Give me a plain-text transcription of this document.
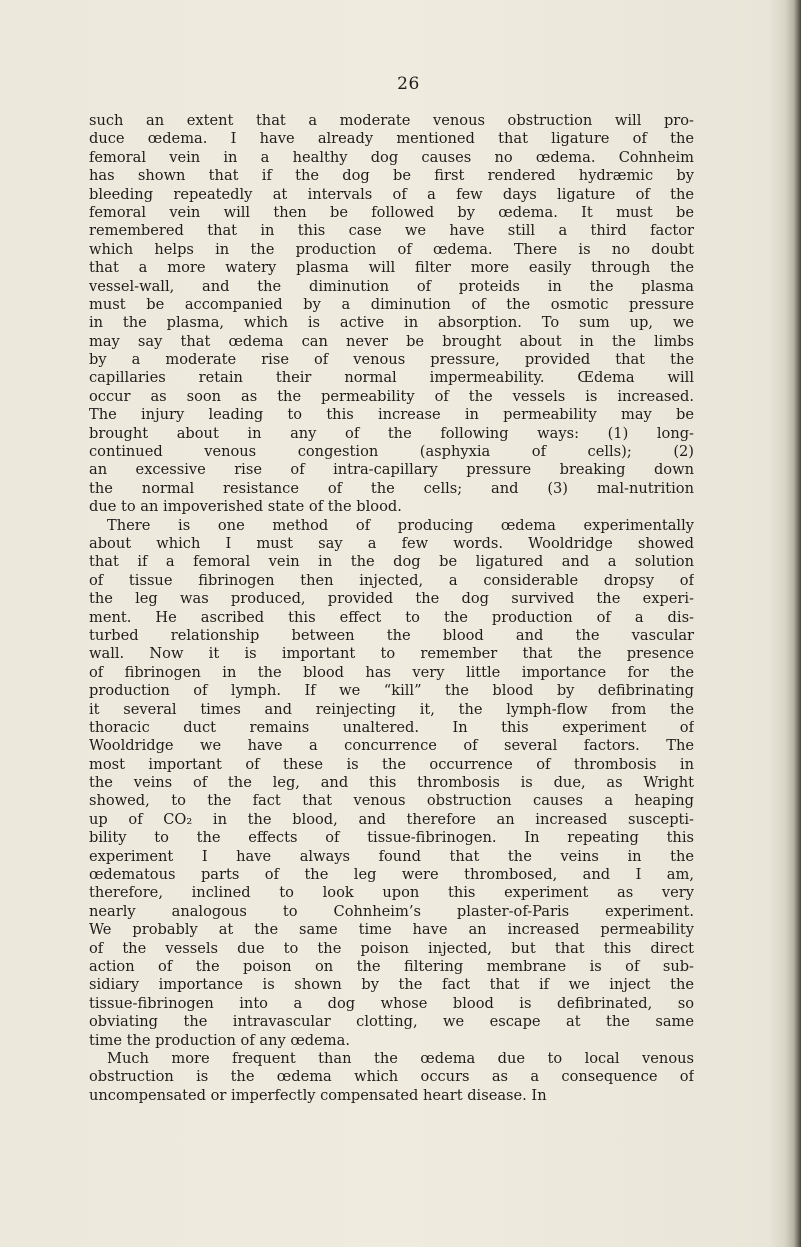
26

such an extent that a moderate venous obstruction will pro-
duce œdema. I have already mentioned that ligature of the
femoral vein in a healthy dog causes no œdema. Cohnheim
has shown that if the dog be first rendered hydræmic by
bleeding repeatedly at intervals of a few days ligature of the
femoral vein will then be followed by œdema. It must be
remembered that in this case we have still a third factor
which helps in the production of œdema. There is no doubt
that a more watery plasma will filter more easily through the
vessel-wall, and the diminution of proteids in the plasma
must be accompanied by a diminution of the osmotic pressure
in the plasma, which is active in absorption. To sum up, we
may say that œdema can never be brought about in the limbs
by a moderate rise of venous pressure, provided that the
capillaries retain their normal impermeability. Œdema will
occur as soon as the permeability of the vessels is increased.
The injury leading to this increase in permeability may be
brought about in any of the following ways: (1) long-
continued venous congestion (asphyxia of cells); (2)
an excessive rise of intra-capillary pressure breaking down
the normal resistance of the cells; and (3) mal-nutrition
due to an impoverished state of the blood.

There is one method of producing œdema experimentally
about which I must say a few words. Wooldridge showed
that if a femoral vein in the dog be ligatured and a solution
of tissue fibrinogen then injected, a considerable dropsy of
the leg was produced, provided the dog survived the experi-
ment. He ascribed this effect to the production of a dis-
turbed relationship between the blood and the vascular
wall. Now it is important to remember that the presence
of fibrinogen in the blood has very little importance for the
production of lymph. If we “kill” the blood by defibrinating
it several times and reinjecting it, the lymph-flow from the
thoracic duct remains unaltered. In this experiment of
Wooldridge we have a concurrence of several factors. The
most important of these is the occurrence of thrombosis in
the veins of the leg, and this thrombosis is due, as Wright
showed, to the fact that venous obstruction causes a heaping
up of CO₂ in the blood, and therefore an increased suscepti-
bility to the effects of tissue-fibrinogen. In repeating this
experiment I have always found that the veins in the
œdematous parts of the leg were thrombosed, and I am,
therefore, inclined to look upon this experiment as very
nearly analogous to Cohnheim’s plaster-of-Paris experiment.
We probably at the same time have an increased permeability
of the vessels due to the poison injected, but that this direct
action of the poison on the filtering membrane is of sub-
sidiary importance is shown by the fact that if we inject the
tissue-fibrinogen into a dog whose blood is defibrinated, so
obviating the intravascular clotting, we escape at the same
time the production of any œdema.

Much more frequent than the œdema due to local venous
obstruction is the œdema which occurs as a consequence of
uncompensated or imperfectly compensated heart disease. In
